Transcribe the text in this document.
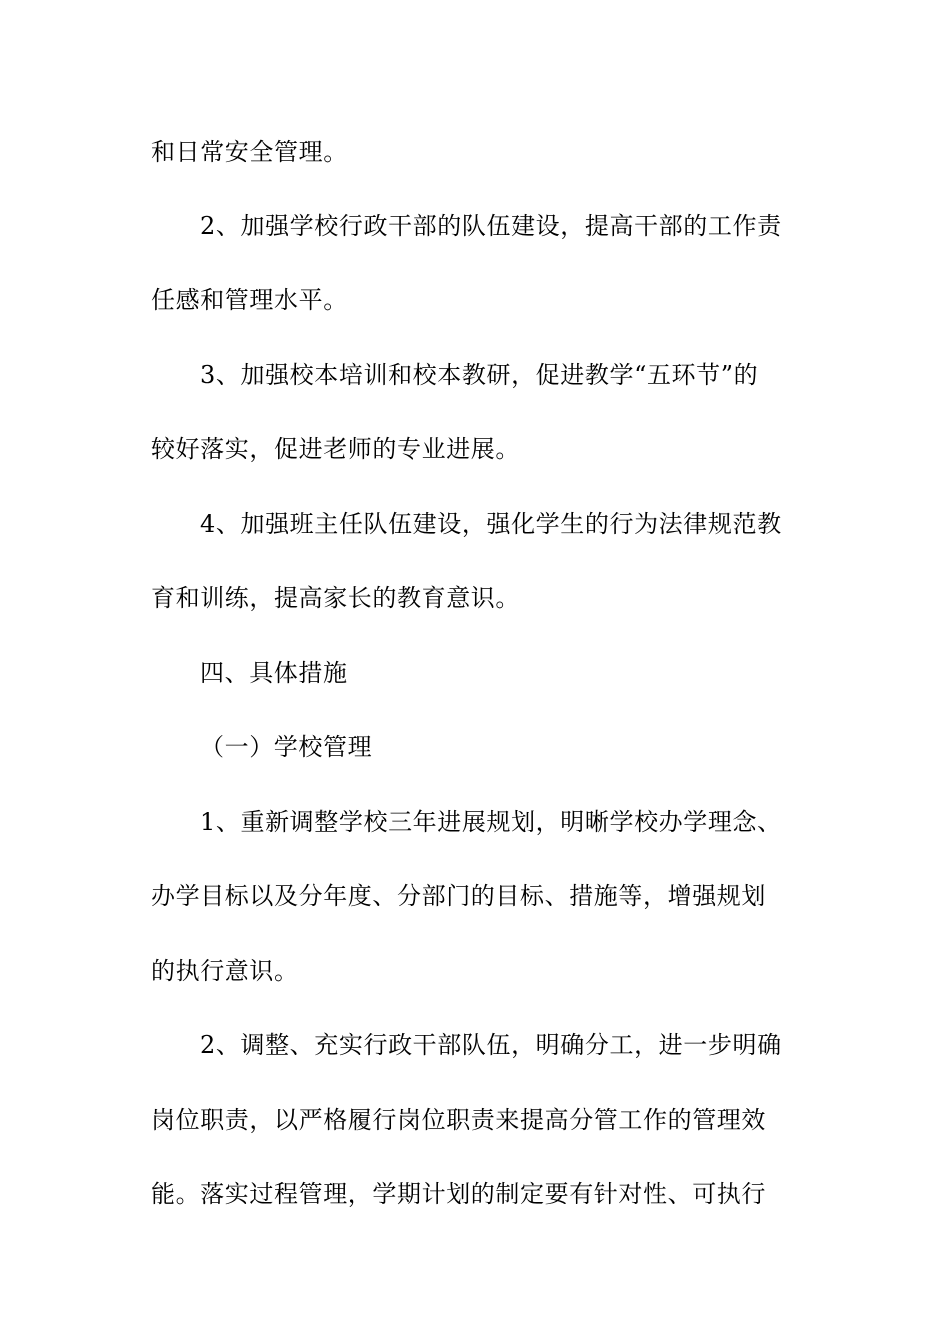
和日常安全管理。
2、加强学校行政干部的队伍建设，提高干部的工作责
任感和管理水平。
3、加强校本培训和校本教研，促进教学“五环节”的
较好落实，促进老师的专业进展。
4、加强班主任队伍建设，强化学生的行为法律规范教
育和训练，提高家长的教育意识。
四、具体措施
（一）学校管理
1、重新调整学校三年进展规划，明晰学校办学理念、
办学目标以及分年度、分部门的目标、措施等，增强规划
的执行意识。
2、调整、充实行政干部队伍，明确分工，进一步明确
岗位职责，以严格履行岗位职责来提高分管工作的管理效
能。落实过程管理，学期计划的制定要有针对性、可执行
